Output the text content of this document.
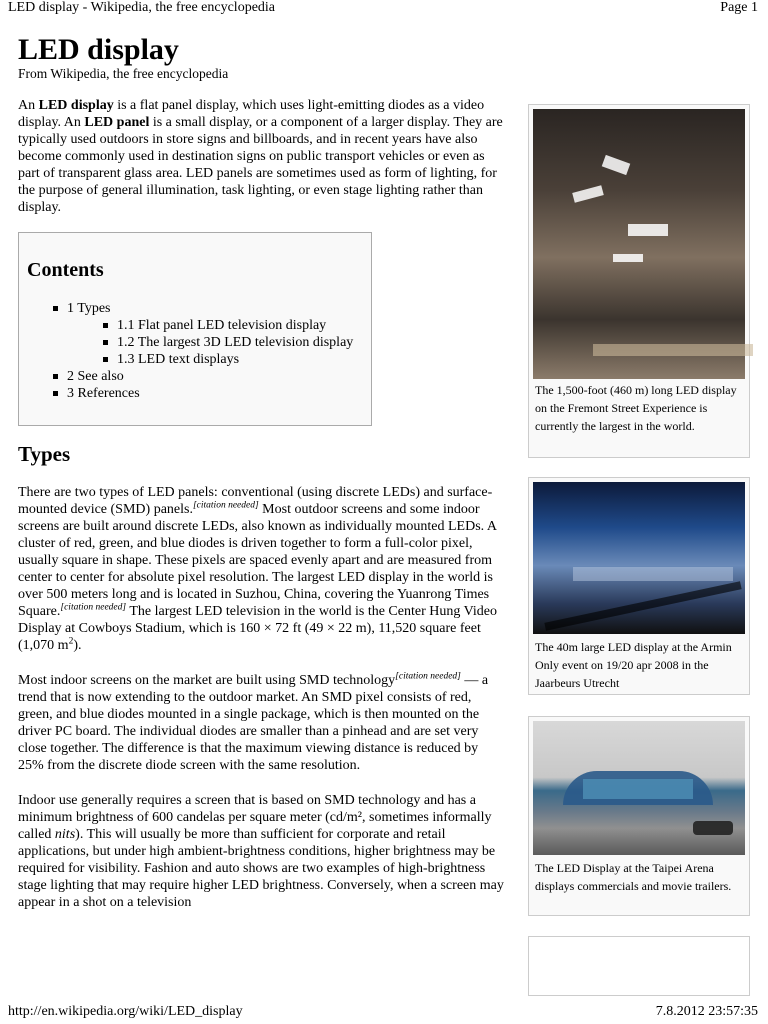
LED display - Wikipedia, the free encyclopedia	Page 1
LED display
From Wikipedia, the free encyclopedia

An LED display is a flat panel display, which uses light-emitting diodes as a video display. An LED panel is a small display, or a component of a larger display. They are typically used outdoors in store signs and billboards, and in recent years have also become commonly used in destination signs on public transport vehicles or even as part of transparent glass area. LED panels are sometimes used as form of lighting, for the purpose of general illumination, task lighting, or even stage lighting rather than display.

Contents
1 Types
1.1 Flat panel LED television display
1.2 The largest 3D LED television display
1.3 LED text displays
2 See also
3 References
Types

There are two types of LED panels: conventional (using discrete LEDs) and surface-mounted device (SMD) panels.[citation needed] Most outdoor screens and some indoor screens are built around discrete LEDs, also known as individually mounted LEDs. A cluster of red, green, and blue diodes is driven together to form a full-color pixel, usually square in shape. These pixels are spaced evenly apart and are measured from center to center for absolute pixel resolution. The largest LED display in the world is over 500 meters long and is located in Suzhou, China, covering the Yuanrong Times Square.[citation needed] The largest LED television in the world is the Center Hung Video Display at Cowboys Stadium, which is 160 × 72 ft (49 × 22 m), 11,520 square feet (1,070 $m^2$).

Most indoor screens on the market are built using SMD technology[citation needed] — a trend that is now extending to the outdoor market. An SMD pixel consists of red, green, and blue diodes mounted in a single package, which is then mounted on the driver PC board. The individual diodes are smaller than a pinhead and are set very close together. The difference is that the maximum viewing distance is reduced by 25% from the discrete diode screen with the same resolution.

Indoor use generally requires a screen that is based on SMD technology and has a minimum brightness of 600 candelas per square meter (cd/m², sometimes informally called nits). This will usually be more than sufficient for corporate and retail applications, but under high ambient-brightness conditions, higher brightness may be required for visibility. Fashion and auto shows are two examples of high-brightness stage lighting that may require higher LED brightness. Conversely, when a screen may appear in a shot on a television

The 1,500-foot (460 m) long LED display on the Fremont Street Experience is currently the largest in the world.
The 40m large LED display at the Armin Only event on 19/20 apr 2008 in the Jaarbeurs Utrecht
The LED Display at the Taipei Arena displays commercials and movie trailers.
http://en.wikipedia.org/wiki/LED_display	7.8.2012 23:57:35
